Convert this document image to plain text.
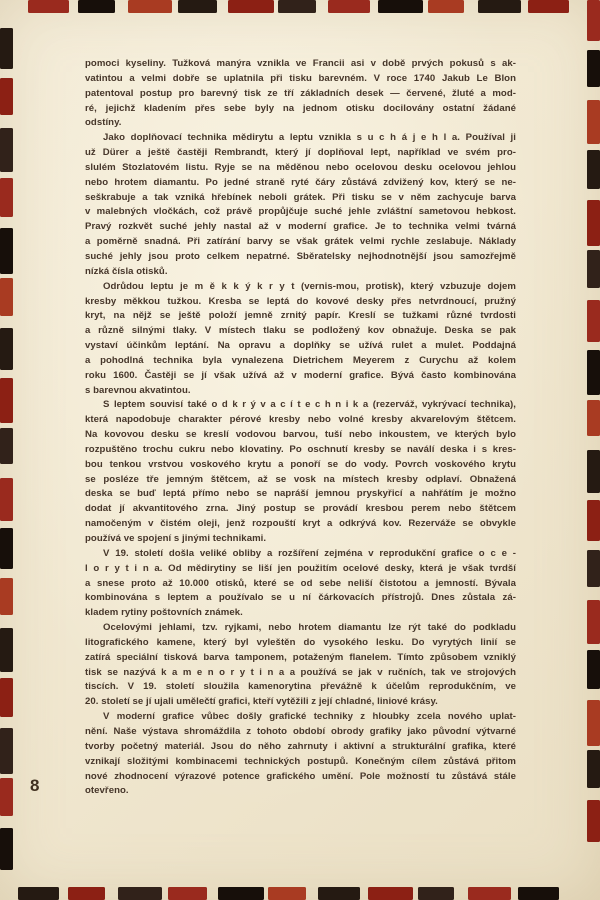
pomoci kyseliny. Tužková manýra vznikla ve Francii asi v době prvých pokusů s ak-
vatintou a velmi dobře se uplatnila při tisku barevném. V roce 1740 Jakub Le Blon
patentoval postup pro barevný tisk ze tří základních desek — červené, žluté a mod-
ré, jejichž kladením přes sebe byly na jednom otisku docilovány ostatní žádané
odstíny.
Jako doplňovací technika mědirytu a leptu vznikla s u c h á j e h l a. Používal ji
už Dürer a ještě častěji Rembrandt, který jí doplňoval lept, například ve svém pro-
slulém Stozlatovém listu. Ryje se na měděnou nebo ocelovou desku ocelovou jehlou
nebo hrotem diamantu. Po jedné straně ryté čáry zůstává zdvižený kov, který se ne-
seškrabuje a tak vzniká hřebínek neboli grátek. Při tisku se v něm zachycuje barva
v malebných vločkách, což právě propůjčuje suché jehle zvláštní sametovou hebkost.
Pravý rozkvět suché jehly nastal až v moderní grafice. Je to technika velmi tvárná
a poměrně snadná. Při zatírání barvy se však grátek velmi rychle zeslabuje. Náklady
suché jehly jsou proto celkem nepatrné. Sběratelsky nejhodnotnější jsou samozřejmě
nízká čísla otisků.
Odrůdou leptu je m ě k k ý k r y t (vernis-mou, protisk), který vzbuzuje dojem
kresby měkkou tužkou. Kresba se leptá do kovové desky přes netvrdnoucí, pružný
kryt, na nějž se ještě položí jemně zrnitý papír. Kreslí se tužkami různé tvrdosti
a různě silnými tlaky. V místech tlaku se podložený kov obnažuje. Deska se pak
vystaví účinkům leptání. Na opravu a doplňky se užívá rulet a mulet. Poddajná
a pohodlná technika byla vynalezena Dietrichem Meyerem z Curychu až kolem
roku 1600. Častěji se jí však užívá až v moderní grafice. Bývá často kombinována
s barevnou akvatintou.
S leptem souvisí také o d k r ý v a c í t e c h n i k a (rezerváž, vykrývací technika),
která napodobuje charakter pérové kresby nebo volné kresby akvarelovým štětcem.
Na kovovou desku se kreslí vodovou barvou, tuší nebo inkoustem, ve kterých bylo
rozpuštěno trochu cukru nebo klovatiny. Po oschnutí kresby se naválí deska i s kres-
bou tenkou vrstvou voskového krytu a ponoří se do vody. Povrch voskového krytu
se posléze tře jemným štětcem, až se vosk na místech kresby odplaví. Obnažená
deska se buď leptá přímo nebo se napráší jemnou pryskyřicí a nahřátím je možno
dodat jí akvantitového zrna. Jiný postup se provádí kresbou perem nebo štětcem
namočeným v čistém oleji, jenž rozpouští kryt a odkrývá kov. Rezerváže se obvykle
používá ve spojení s jinými technikami.
V 19. století došla veliké obliby a rozšíření zejména v reprodukční grafice o c e -
l o r y t i n a. Od mědirytiny se liší jen použitím ocelové desky, která je však tvrdší
a snese proto až 10.000 otisků, které se od sebe neliší čistotou a jemností. Bývala
kombinována s leptem a používalo se u ní čárkovacích přístrojů. Dnes zůstala zá-
kladem rytiny poštovních známek.
Ocelovými jehlami, tzv. ryjkami, nebo hrotem diamantu lze rýt také do podkladu
litografického kamene, který byl vyleštěn do vysokého lesku. Do vyrytých linií se
zatírá speciální tisková barva tamponem, potaženým flanelem. Tímto způsobem vzniklý
tisk se nazývá k a m e n o r y t i n a a používá se jak v ručních, tak ve strojových
tiscích. V 19. století sloužila kamenorytina převážně k účelům reprodukčním, ve
20. století se jí ujali umělečtí grafici, kteří vytěžili z její chladné, liniové krásy.
V moderní grafice vůbec došly grafické techniky z hloubky zcela nového uplat-
nění. Naše výstava shromáždila z tohoto období obrody grafiky jako původní výtvarné
tvorby početný materiál. Jsou do něho zahrnuty i aktivní a strukturální grafika, které
vznikají složitými kombinacemi technických postupů. Konečným cílem zůstává přitom
nové zhodnocení výrazové potence grafického umění. Pole možností tu zůstává stále
otevřeno.
8
